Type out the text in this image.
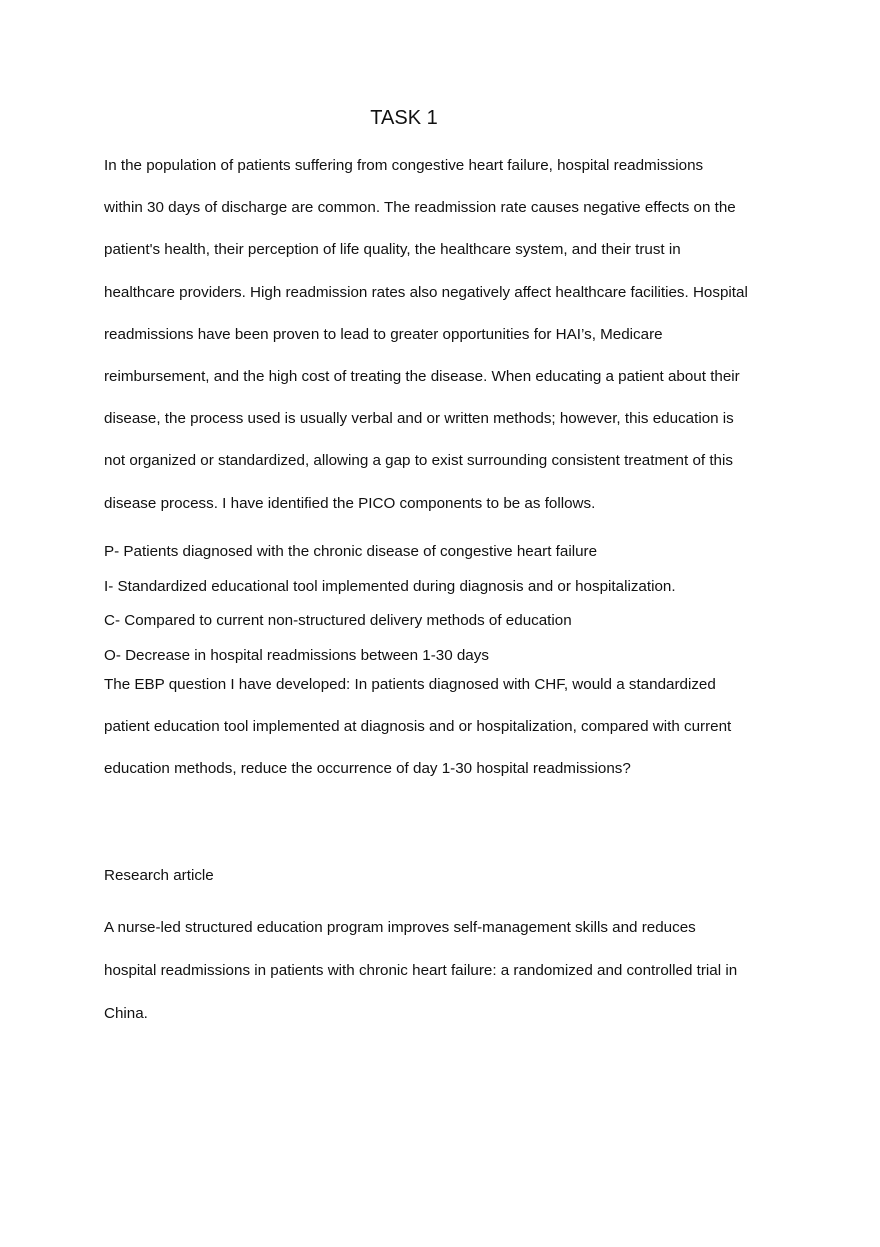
TASK 1

In the population of patients suffering from congestive heart failure, hospital readmissions
within 30 days of discharge are common. The readmission rate causes negative effects on the
patient's health, their perception of life quality, the healthcare system, and their trust in
healthcare providers. High readmission rates also negatively affect healthcare facilities. Hospital
readmissions have been proven to lead to greater opportunities for HAI’s, Medicare
reimbursement, and the high cost of treating the disease. When educating a patient about their
disease, the process used is usually verbal and or written methods; however, this education is
not organized or standardized, allowing a gap to exist surrounding consistent treatment of this
disease process. I have identified the PICO components to be as follows.

P- Patients diagnosed with the chronic disease of congestive heart failure
I- Standardized educational tool implemented during diagnosis and or hospitalization.
C- Compared to current non-structured delivery methods of education
O- Decrease in hospital readmissions between 1-30 days

The EBP question I have developed: In patients diagnosed with CHF, would a standardized
patient education tool implemented at diagnosis and or hospitalization, compared with current
education methods, reduce the occurrence of day 1-30 hospital readmissions?

Research article

A nurse-led structured education program improves self-management skills and reduces
hospital readmissions in patients with chronic heart failure: a randomized and controlled trial in
China.
